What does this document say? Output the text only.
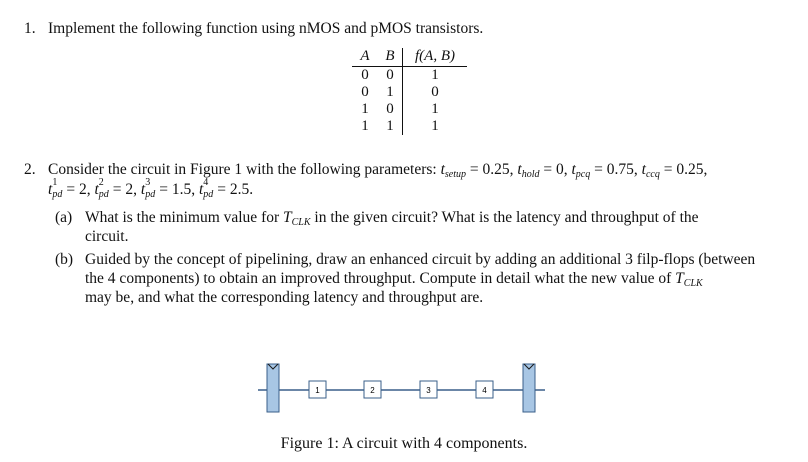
1. Implement the following function using nMOS and pMOS transistors.
A	B	f(A, B)
0	0	1
0	1	0
1	0	1
1	1	1
2. Consider the circuit in Figure 1 with the following parameters: $t_{setup} = 0.25$, $t_{hold} = 0$, $t_{pcq} = 0.75$, $t_{ccq} = 0.25$,
t 1
pd = 2, t 2
pd = 2, t 3
pd = 1.5, t 4
pd = 2.5.
(a) What is the minimum value for $T_{CLK}$ in the given circuit? What is the latency and throughput of the
circuit.
(b) Guided by the concept of pipelining, draw an enhanced circuit by adding an additional 3 filp-flops (between
the 4 components) to obtain an improved throughput. Compute in detail what the new value of $T_{CLK}$
may be, and what the corresponding latency and throughput are.
1	2	3	4
Figure 1: A circuit with 4 components.
